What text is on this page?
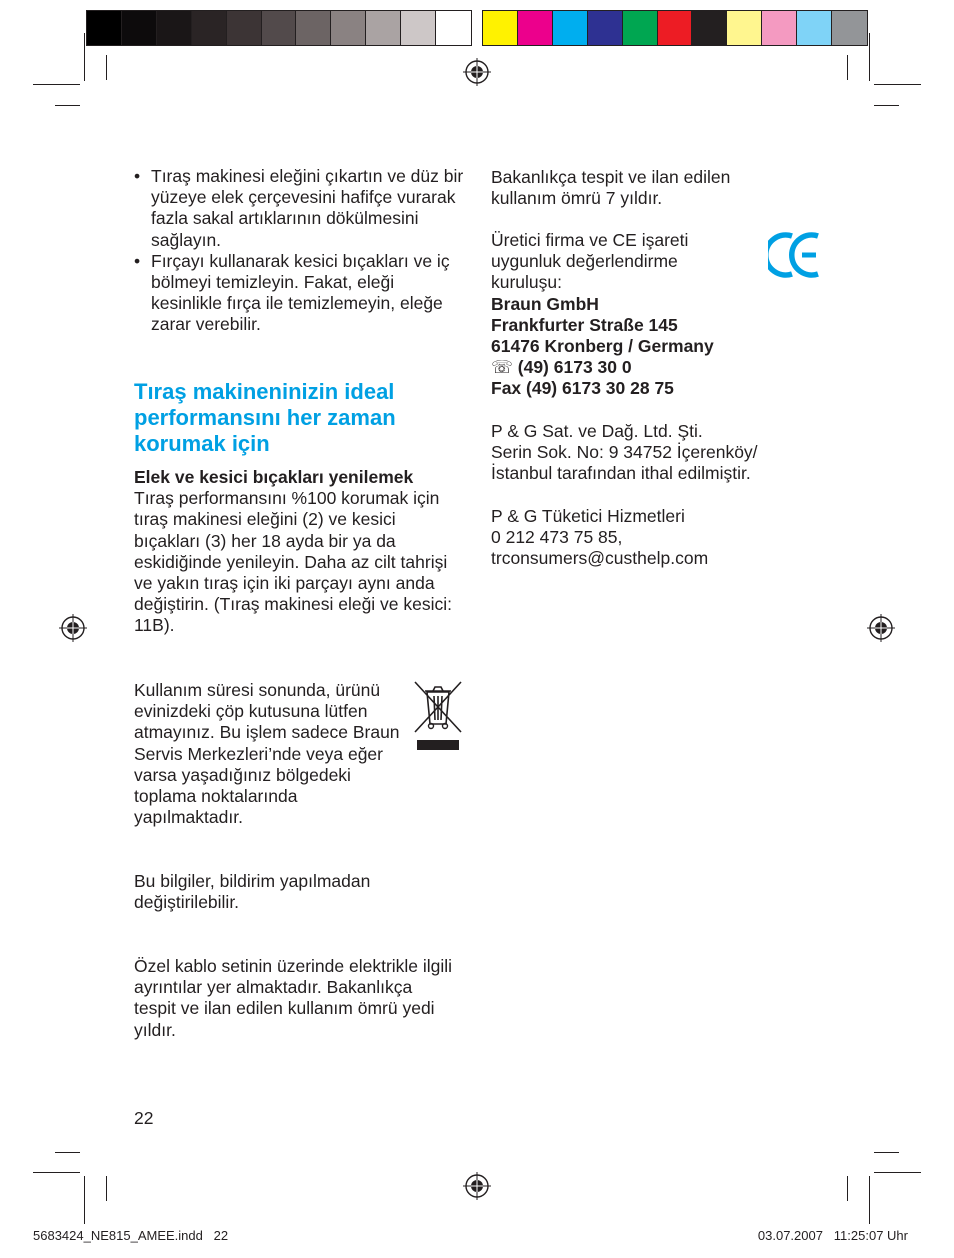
• Tıraş makinesi eleğini çıkartın ve düz bir yüzeye elek çerçevesini hafifçe vurarak fazla sakal artıklarının dökülmesini sağlayın.
• Fırçayı kullanarak kesici bıçakları ve iç bölmeyi temizleyin. Fakat, eleği kesinlikle fırça ile temizlemeyin, eleğe zarar verebilir.
Tıraş makineninizin ideal performansını her zaman korumak için

Elek ve kesici bıçakları yenilemek

Tıraş performansını %100 korumak için tıraş makinesi eleğini (2) ve kesici bıçakları (3) her 18 ayda bir ya da eskidiğinde yenileyin. Daha az cilt tahrişi ve yakın tıraş için iki parçayı aynı anda değiştirin. (Tıraş makinesi eleği ve kesici: 11B).

Kullanım süresi sonunda, ürünü evinizdeki çöp kutusuna lütfen atmayınız. Bu işlem sadece Braun Servis Merkezleri’nde veya eğer varsa yaşadığınız bölgedeki toplama noktalarında yapılmaktadır.

Bu bilgiler, bildirim yapılmadan değiştirilebilir.

Özel kablo setinin üzerinde elektrikle ilgili ayrıntılar yer almaktadır. Bakanlıkça tespit ve ilan edilen kullanım ömrü yedi yıldır.

22

Bakanlıkça tespit ve ilan edilen kullanım ömrü 7 yıldır.

Üretici firma ve CE işareti uygunluk değerlendirme kuruluşu:

Braun GmbH

Frankfurter Straße 145

61476 Kronberg / Germany

☏ (49) 6173 30 0

Fax (49) 6173 30 28 75

P & G Sat. ve Dağ. Ltd. Şti.

Serin Sok. No: 9 34752 İçerenköy/

İstanbul tarafından ithal edilmiştir.

P & G Tüketici Hizmetleri

0 212 473 75 85,

trconsumers@custhelp.com

5683424_NE815_AMEE.indd   22	03.07.2007   11:25:07 Uhr
